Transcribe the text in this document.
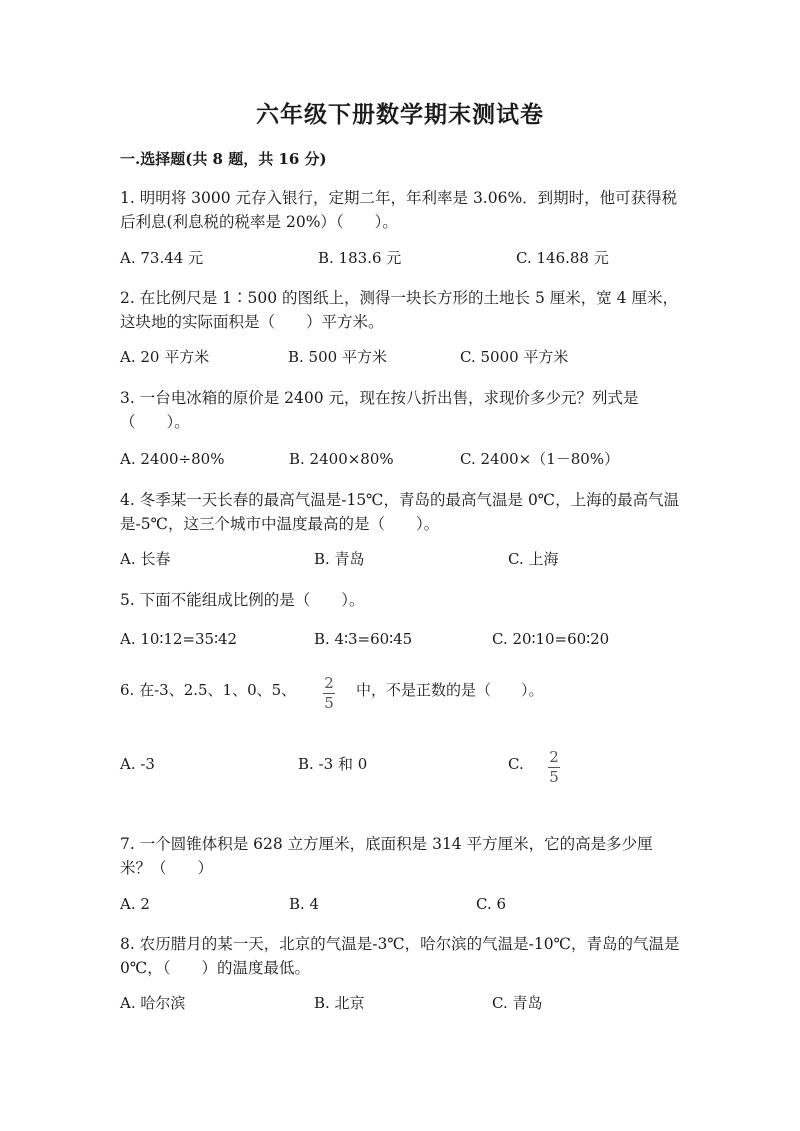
六年级下册数学期末测试卷
一.选择题(共 8 题，共 16 分)
1. 明明将 3000 元存入银行，定期二年，年利率是 3.06%．到期时，他可获得税后利息(利息税的税率是 20%）（　　）。
A. 73.44 元	B. 183.6 元	C. 146.88 元
2. 在比例尺是 1∶500 的图纸上，测得一块长方形的土地长 5 厘米，宽 4 厘米，这块地的实际面积是（　　）平方米。
A. 20 平方米	B. 500 平方米	C. 5000 平方米
3. 一台电冰箱的原价是 2400 元，现在按八折出售，求现价多少元？列式是（　　）。
A. 2400÷80%	B. 2400×80%	C. 2400×（1－80%）
4. 冬季某一天长春的最高气温是-15℃，青岛的最高气温是 0℃，上海的最高气温是-5℃，这三个城市中温度最高的是（　　）。
A. 长春	B. 青岛	C. 上海
5. 下面不能组成比例的是（　　）。
A. 10∶12=35∶42	B. 4∶3=60∶45	C. 20∶10=60∶20
6. 在-3、2.5、1、0、5、 2
5
中，不是正数的是（　　）。
A. -3	B. -3 和 0	C. 2
5
7. 一个圆锥体积是 628 立方厘米，底面积是 314 平方厘米，它的高是多少厘米？（　　）
A. 2	B. 4	C. 6
8. 农历腊月的某一天，北京的气温是-3℃，哈尔滨的气温是-10℃，青岛的气温是 0℃，（　　）的温度最低。
A. 哈尔滨	B. 北京	C. 青岛
